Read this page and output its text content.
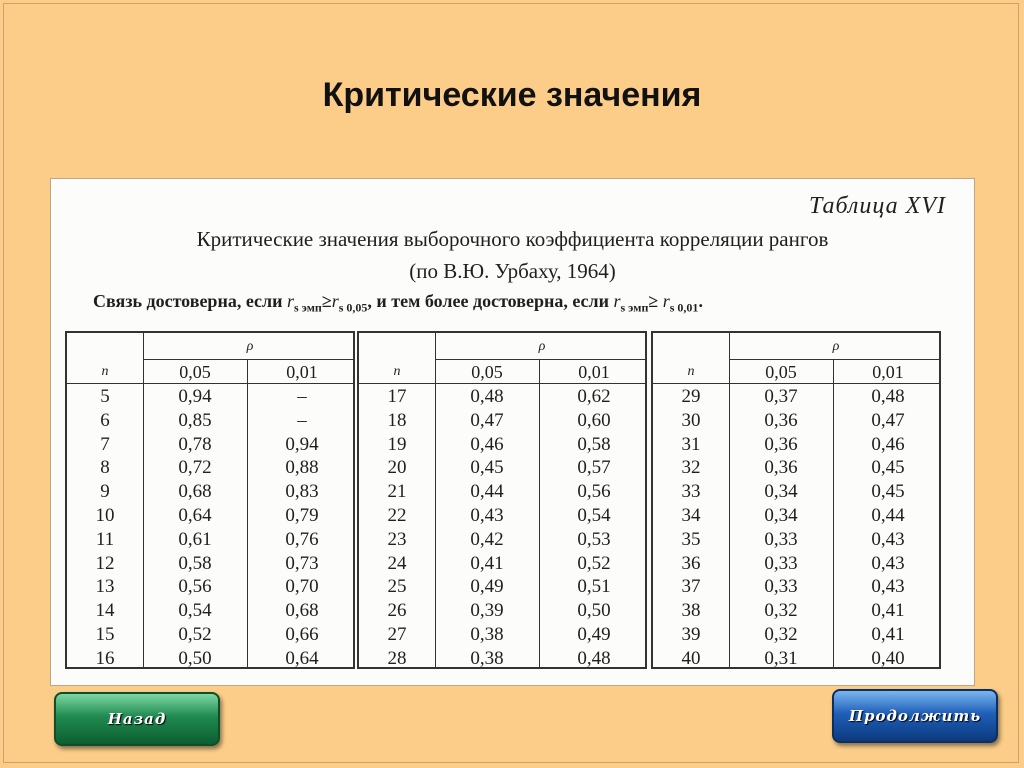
Критические значения
Таблица XVI
Критические значения выборочного коэффициента корреляции рангов
(по В.Ю. Урбаху, 1964)
Связь достоверна, если $r_{s эмп}\ge r_{s 0,05}$, и тем более достоверна, если $r_{s эмп}\ge r_{s 0,01}$.
ρ
n	0,05	0,01
5	0,94	–
6	0,85	–
7	0,78	0,94
8	0,72	0,88
9	0,68	0,83
10	0,64	0,79
11	0,61	0,76
12	0,58	0,73
13	0,56	0,70
14	0,54	0,68
15	0,52	0,66
16	0,50	0,64
ρ
n	0,05	0,01
17	0,48	0,62
18	0,47	0,60
19	0,46	0,58
20	0,45	0,57
21	0,44	0,56
22	0,43	0,54
23	0,42	0,53
24	0,41	0,52
25	0,49	0,51
26	0,39	0,50
27	0,38	0,49
28	0,38	0,48
ρ
n	0,05	0,01
29	0,37	0,48
30	0,36	0,47
31	0,36	0,46
32	0,36	0,45
33	0,34	0,45
34	0,34	0,44
35	0,33	0,43
36	0,33	0,43
37	0,33	0,43
38	0,32	0,41
39	0,32	0,41
40	0,31	0,40
Назад	Продолжить
